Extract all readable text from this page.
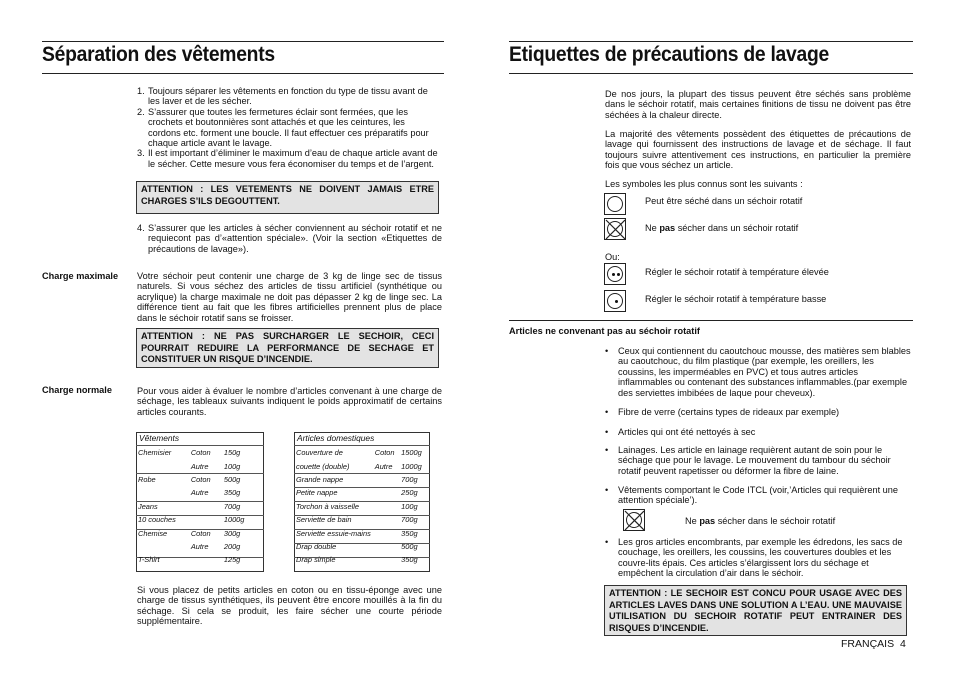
Séparation des vêtements
1. Toujours séparer les vêtements en fonction du type de tissu avant de les laver et de les sécher.
2. S’assurer que toutes les fermetures éclair sont fermées, que les crochets et boutonnières sont attachés et que les ceintures, les cordons etc. forment une boucle. Il faut effectuer ces préparatifs pour chaque article avant le lavage.
3. Il est important d’éliminer le maximum d’eau de chaque article avant de le sécher. Cette mesure vous fera économiser du temps et de l’argent.
ATTENTION : LES VETEMENTS NE DOIVENT JAMAIS ETRE CHARGES S’ILS DEGOUTTENT.
4. S’assurer que les articles à sécher conviennent au séchoir rotatif et ne requiecont pas d’«attention spéciale». (Voir la section «Etiquettes de précautions de lavage»).
Charge maximale Votre séchoir peut contenir une charge de 3 kg de linge sec de tissus naturels. Si vous séchez des articles de tissu artificiel (synthétique ou acrylique) la charge maximale ne doit pas dépasser 2 kg de linge sec. La différence tient au fait que les fibres artificielles prennent plus de place dans le séchoir rotatif sans se froisser.
ATTENTION : NE PAS SURCHARGER LE SECHOIR, CECI POURRAIT REDUIRE LA PERFORMANCE DE SECHAGE ET CONSTITUER UN RISQUE D’INCENDIE.
Charge normale	Pour vous aider à évaluer le nombre d’articles convenant à une charge de séchage, les tableaux suivants indiquent le poids approximatif de certains articles courants.
Vêtements
Chemisier	Coton	150g
	Autre	100g
Robe	Coton	500g
	Autre	350g
Jeans		700g
10 couches		1000g
Chemise	Coton	300g
	Autre	200g
T-Shirt		125g
Articles domestiques
Couverture de	Coton	1500g
couette (double)	Autre	1000g
Grande nappe		700g
Petite nappe		250g
Torchon à vaisselle		100g
Serviette de bain		700g
Serviette essuie-mains		350g
Drap double		500g
Drap simple		350g
Si vous placez de petits articles en coton ou en tissu-éponge avec une charge de tissus synthétiques, ils peuvent être encore mouillés à la fin du séchage. Si cela se produit, les faire sécher une courte période supplémentaire.
Etiquettes de précautions de lavage
De nos jours, la plupart des tissus peuvent être séchés sans problème dans le séchoir rotatif, mais certaines finitions de tissu ne doivent pas être séchées à la chaleur directe.
La majorité des vêtements possèdent des étiquettes de précautions de lavage qui fournissent des instructions de lavage et de séchage. Il faut toujours suivre attentivement ces instructions, en particulier la première fois que vous séchez un article.
Les symboles les plus connus sont les suivants :
Peut être séché dans un séchoir rotatif
Ne pas sécher dans un séchoir rotatif
Ou:
Régler le séchoir rotatif à température élevée
Régler le séchoir rotatif à température basse
Articles ne convenant pas au séchoir rotatif
• Ceux qui contiennent du caoutchouc mousse, des matières sem blables au caoutchouc, du film plastique (par exemple, les oreillers, les coussins, les imperméables en PVC) et tous autres articles inflammables ou contenant des substances inflammables.(par exemple des serviettes imbibées de laque pour cheveux).
• Fibre de verre (certains types de rideaux par exemple)
• Articles qui ont été nettoyés à sec
• Lainages. Les article en lainage requièrent autant de soin pour le séchage que pour le lavage. Le mouvement du tambour du séchoir rotatif peuvent rapetisser ou déformer la fibre de laine.
• Vêtements comportant le Code ITCL (voir,’Articles qui requièrent une attention spéciale’).
Ne pas sécher dans le séchoir rotatif
• Les gros articles encombrants, par exemple les édredons, les sacs de couchage, les oreillers, les coussins, les couvertures doubles et les couvre-lits épais. Ces articles s’élargissent lors du séchage et empêchent la circulation d’air dans le séchoir.
ATTENTION : LE SECHOIR EST CONCU POUR USAGE AVEC DES ARTICLES LAVES DANS UNE SOLUTION A L’EAU. UNE MAUVAISE UTILISATION DU SECHOIR ROTATIF PEUT ENTRAINER DES RISQUES D’INCENDIE.
FRANÇAIS 4
